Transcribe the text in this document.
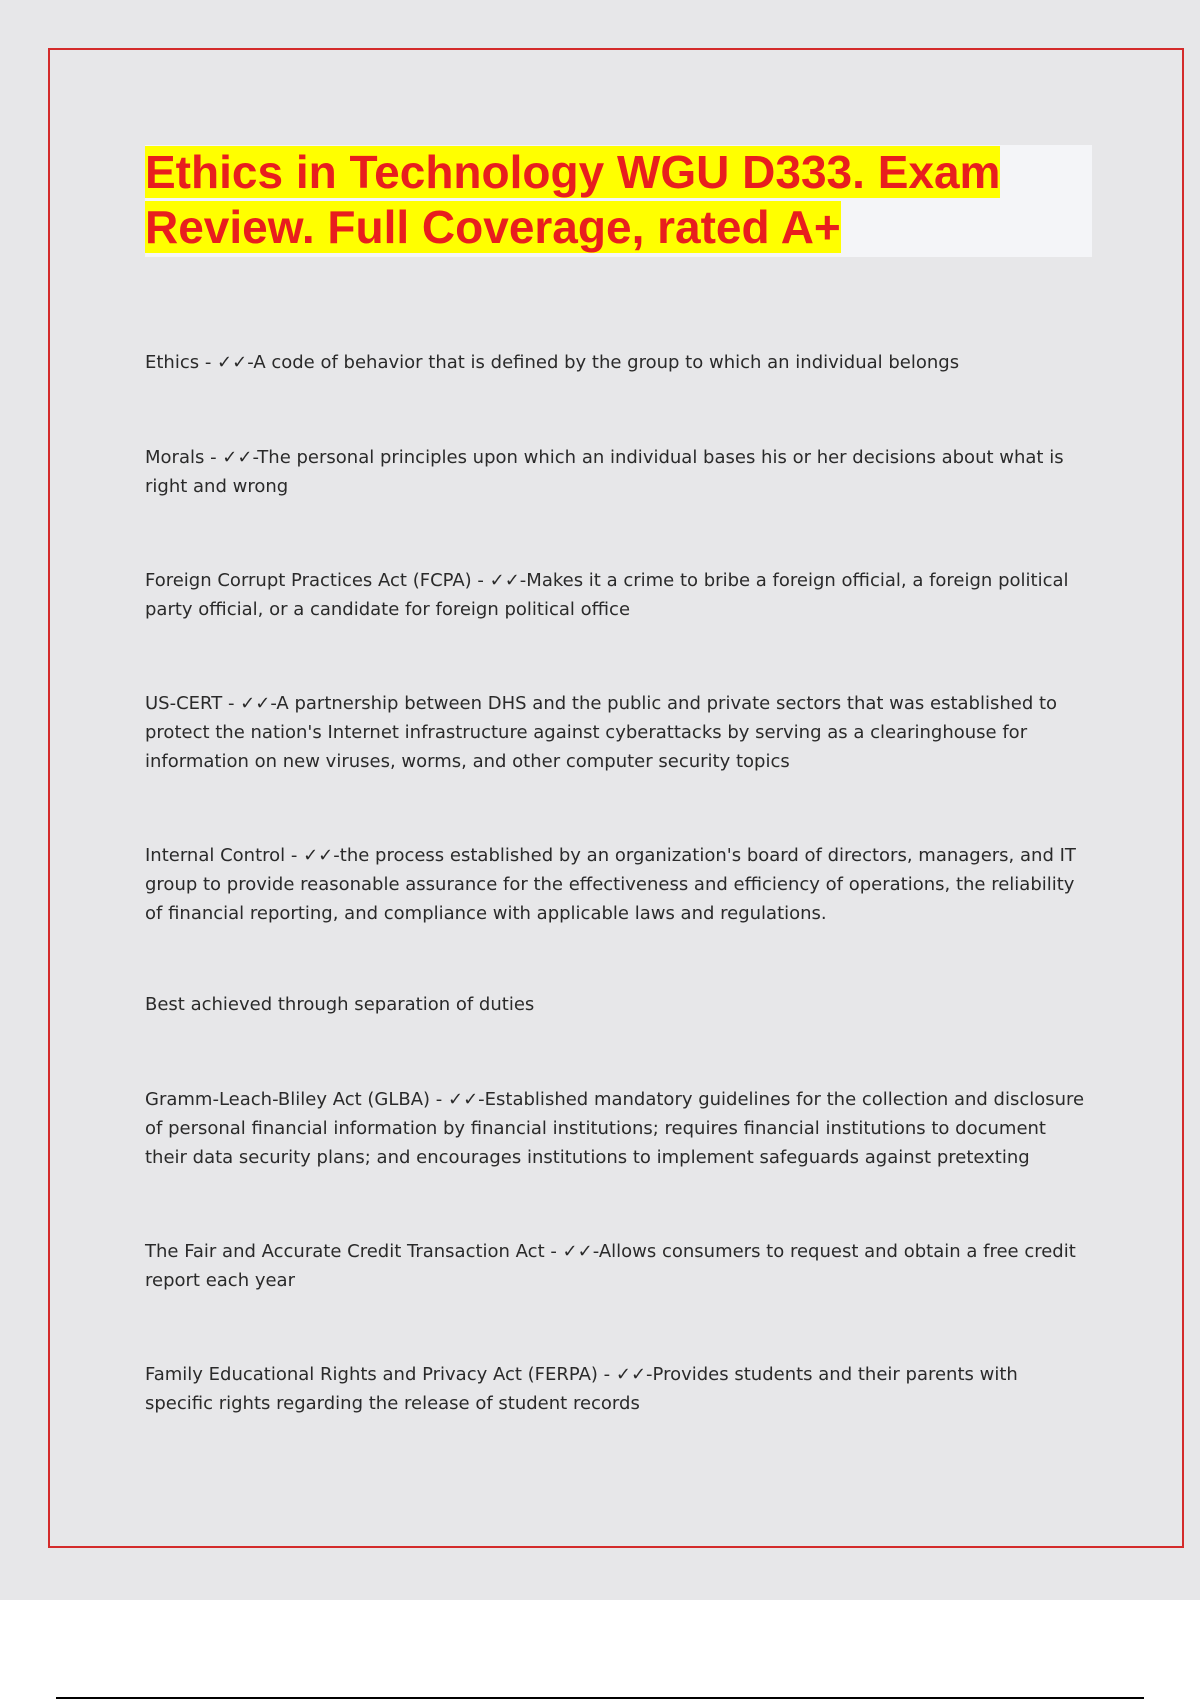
Ethics in Technology WGU D333. Exam Review. Full Coverage, rated A+

Ethics - ✓✓-A code of behavior that is defined by the group to which an individual belongs

Morals - ✓✓-The personal principles upon which an individual bases his or her decisions about what is right and wrong

Foreign Corrupt Practices Act (FCPA) - ✓✓-Makes it a crime to bribe a foreign official, a foreign political party official, or a candidate for foreign political office

US-CERT - ✓✓-A partnership between DHS and the public and private sectors that was established to protect the nation's Internet infrastructure against cyberattacks by serving as a clearinghouse for information on new viruses, worms, and other computer security topics

Internal Control - ✓✓-the process established by an organization's board of directors, managers, and IT group to provide reasonable assurance for the effectiveness and efficiency of operations, the reliability of financial reporting, and compliance with applicable laws and regulations.

Best achieved through separation of duties

Gramm-Leach-Bliley Act (GLBA) - ✓✓-Established mandatory guidelines for the collection and disclosure of personal financial information by financial institutions; requires financial institutions to document their data security plans; and encourages institutions to implement safeguards against pretexting

The Fair and Accurate Credit Transaction Act - ✓✓-Allows consumers to request and obtain a free credit report each year

Family Educational Rights and Privacy Act (FERPA) - ✓✓-Provides students and their parents with specific rights regarding the release of student records
